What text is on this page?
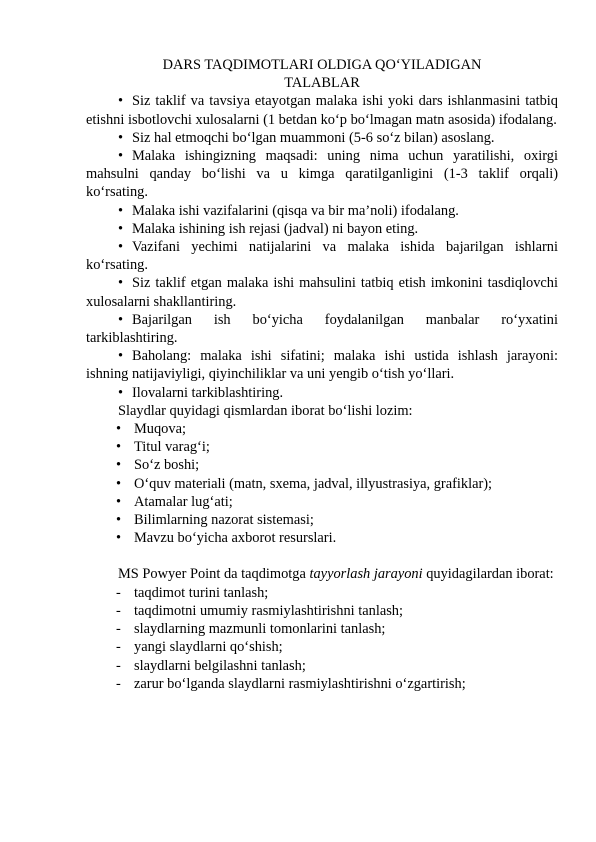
DARS TAQDIMOTLARI OLDIGA QO‘YILADIGAN
TALABLAR

• Siz taklif va tavsiya etayotgan malaka ishi yoki dars ishlanmasini tatbiq etishni isbotlovchi xulosalarni (1 betdan ko‘p bo‘lmagan matn asosida) ifodalang.

• Siz hal etmoqchi bo‘lgan muammoni (5-6 so‘z bilan) asoslang.

• Malaka ishingizning maqsadi: uning nima uchun yaratilishi, oxirgi mahsulni qanday bo‘lishi va u kimga qaratilganligini (1-3 taklif orqali) ko‘rsating.

• Malaka ishi vazifalarini (qisqa va bir ma’noli) ifodalang.

• Malaka ishining ish rejasi (jadval) ni bayon eting.

• Vazifani yechimi natijalarini va malaka ishida bajarilgan ishlarni ko‘rsating.

• Siz taklif etgan malaka ishi mahsulini tatbiq etish imkonini tasdiqlovchi xulosalarni shakllantiring.

• Bajarilgan ish bo‘yicha foydalanilgan manbalar ro‘yxatini tarkiblashtiring.

• Baholang: malaka ishi sifatini; malaka ishi ustida ishlash jarayoni: ishning natijaviyligi, qiyinchiliklar va uni yengib o‘tish yo‘llari.

• Ilovalarni tarkiblashtiring.

Slaydlar quyidagi qismlardan iborat bo‘lishi lozim:

• Muqova;
• Titul varag‘i;
• So‘z boshi;
• O‘quv materiali (matn, sxema, jadval, illyustrasiya, grafiklar);
• Atamalar lug‘ati;
• Bilimlarning nazorat sistemasi;
• Mavzu bo‘yicha axborot resurslari.

MS Powyer Point da taqdimotga tayyorlash jarayoni quyidagilardan iborat:

- taqdimot turini tanlash;
- taqdimotni umumiy rasmiylashtirishni tanlash;
- slaydlarning mazmunli tomonlarini tanlash;
- yangi slaydlarni qo‘shish;
- slaydlarni belgilashni tanlash;
- zarur bo‘lganda slaydlarni rasmiylashtirishni o‘zgartirish;
